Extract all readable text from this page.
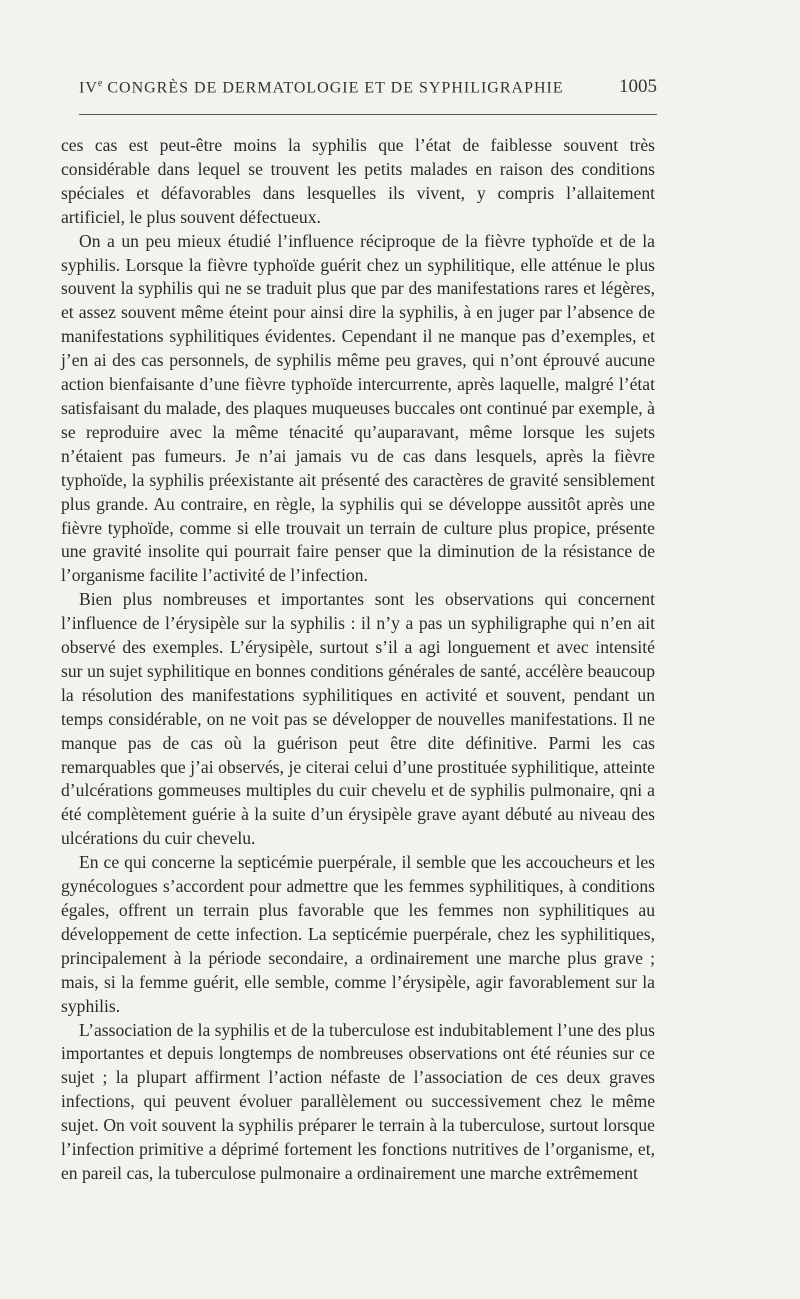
IVe CONGRÈS DE DERMATOLOGIE ET DE SYPHILIGRAPHIE	1005

ces cas est peut-être moins la syphilis que l’état de faiblesse souvent très considérable dans lequel se trouvent les petits malades en raison des conditions spéciales et défavorables dans lesquelles ils vivent, y compris l’allaitement artificiel, le plus souvent défectueux.

On a un peu mieux étudié l’influence réciproque de la fièvre typhoïde et de la syphilis. Lorsque la fièvre typhoïde guérit chez un syphilitique, elle atténue le plus souvent la syphilis qui ne se traduit plus que par des manifestations rares et légères, et assez souvent même éteint pour ainsi dire la syphilis, à en juger par l’absence de manifestations syphilitiques évidentes. Cependant il ne manque pas d’exemples, et j’en ai des cas personnels, de syphilis même peu graves, qui n’ont éprouvé aucune action bienfaisante d’une fièvre typhoïde intercurrente, après laquelle, malgré l’état satisfaisant du malade, des plaques muqueuses buccales ont continué par exemple, à se reproduire avec la même ténacité qu’auparavant, même lorsque les sujets n’étaient pas fumeurs. Je n’ai jamais vu de cas dans lesquels, après la fièvre typhoïde, la syphilis préexistante ait présenté des caractères de gravité sensiblement plus grande. Au contraire, en règle, la syphilis qui se développe aussitôt après une fièvre typhoïde, comme si elle trouvait un terrain de culture plus propice, présente une gravité insolite qui pourrait faire penser que la diminution de la résistance de l’organisme facilite l’activité de l’infection.

Bien plus nombreuses et importantes sont les observations qui concernent l’influence de l’érysipèle sur la syphilis : il n’y a pas un syphiligraphe qui n’en ait observé des exemples. L’érysipèle, surtout s’il a agi longuement et avec intensité sur un sujet syphilitique en bonnes conditions générales de santé, accélère beaucoup la résolution des manifestations syphilitiques en activité et souvent, pendant un temps considérable, on ne voit pas se développer de nouvelles manifestations. Il ne manque pas de cas où la guérison peut être dite définitive. Parmi les cas remarquables que j’ai observés, je citerai celui d’une prostituée syphilitique, atteinte d’ulcérations gommeuses multiples du cuir chevelu et de syphilis pulmonaire, qni a été complètement guérie à la suite d’un érysipèle grave ayant débuté au niveau des ulcérations du cuir chevelu.

En ce qui concerne la septicémie puerpérale, il semble que les accoucheurs et les gynécologues s’accordent pour admettre que les femmes syphilitiques, à conditions égales, offrent un terrain plus favorable que les femmes non syphilitiques au développement de cette infection. La septicémie puerpérale, chez les syphilitiques, principalement à la période secondaire, a ordinairement une marche plus grave ; mais, si la femme guérit, elle semble, comme l’érysipèle, agir favorablement sur la syphilis.

L’association de la syphilis et de la tuberculose est indubitablement l’une des plus importantes et depuis longtemps de nombreuses observations ont été réunies sur ce sujet ; la plupart affirment l’action néfaste de l’association de ces deux graves infections, qui peuvent évoluer parallèlement ou successivement chez le même sujet. On voit souvent la syphilis préparer le terrain à la tuberculose, surtout lorsque l’infection primitive a déprimé fortement les fonctions nutritives de l’organisme, et, en pareil cas, la tuberculose pulmonaire a ordinairement une marche extrêmement
